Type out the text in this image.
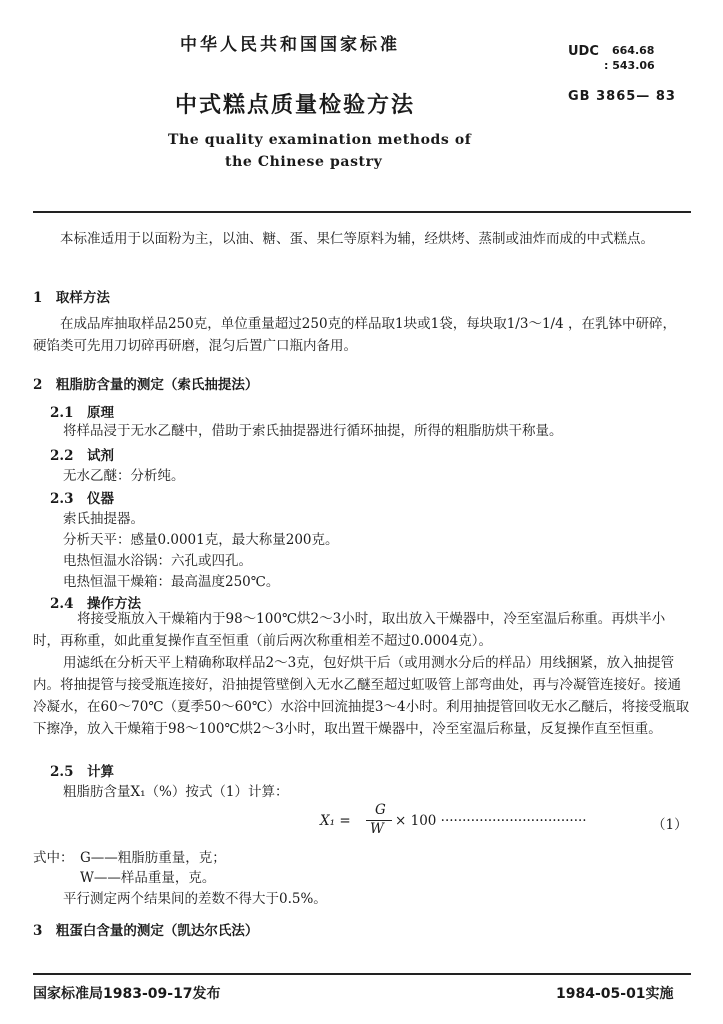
中华人民共和国国家标准	UDC 664.68
: 543.06
中式糕点质量检验方法	GB 3865— 83
The quality examination methods of
the Chinese pastry

本标准适用于以面粉为主，以油、糖、蛋、果仁等原料为辅，经烘烤、蒸制或油炸而成的中式糕点。

1　取样方法

在成品库抽取样品250克，单位重量超过250克的样品取1块或1袋，每块取1/3～1/4 ，在乳钵中研碎，硬馅类可先用刀切碎再研磨，混匀后置广口瓶内备用。

2　粗脂肪含量的测定（索氏抽提法）
2.1　原理
将样品浸于无水乙醚中，借助于索氏抽提器进行循环抽提，所得的粗脂肪烘干称量。
2.2　试剂
无水乙醚：分析纯。
2.3　仪器
索氏抽提器。
分析天平：感量0.0001克，最大称量200克。
电热恒温水浴锅：六孔或四孔。
电热恒温干燥箱：最高温度250℃。
2.4　操作方法

将接受瓶放入干燥箱内于98～100℃烘2～3小时，取出放入干燥器中，冷至室温后称重。再烘半小时，再称重，如此重复操作直至恒重（前后两次称重相差不超过0.0004克）。

用滤纸在分析天平上精确称取样品2～3克，包好烘干后（或用测水分后的样品）用线捆紧，放入抽提管内。将抽提管与接受瓶连接好，沿抽提管壁倒入无水乙醚至超过虹吸管上部弯曲处，再与冷凝管连接好。接通冷凝水，在60～70℃（夏季50～60℃）水浴中回流抽提3～4小时。利用抽提管回收无水乙醚后，将接受瓶取下擦净，放入干燥箱于98～100℃烘2～3小时，取出置干燥器中，冷至室温后称量，反复操作直至恒重。

2.5　计算
粗脂肪含量X₁（%）按式（1）计算：
X₁ =
G
W × 100 ··································	（1）
式中： G——粗脂肪重量，克；
W——样品重量，克。
平行测定两个结果间的差数不得大于0.5%。
3　粗蛋白含量的测定（凯达尔氏法）
国家标准局1983-09-17发布	1984-05-01实施
